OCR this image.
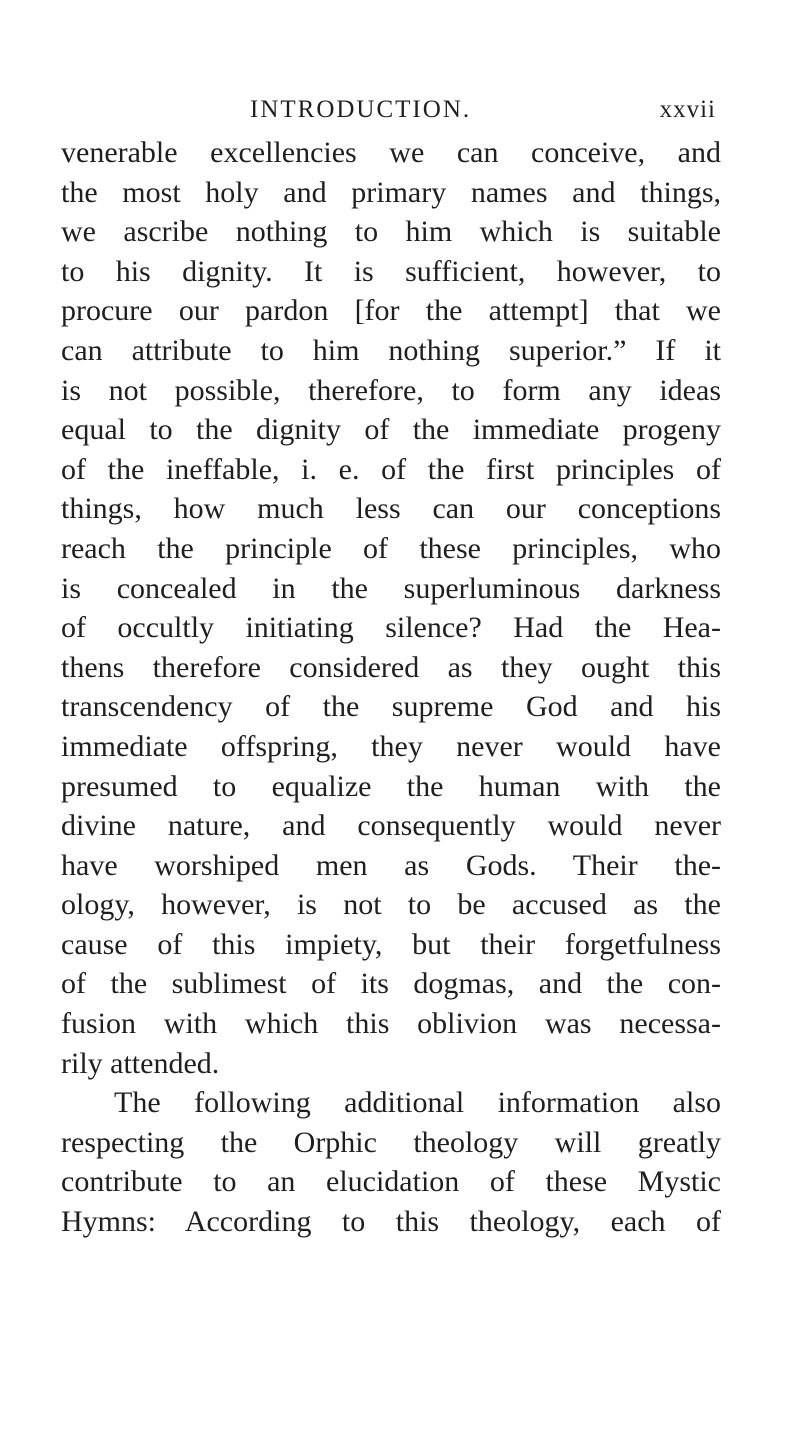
INTRODUCTION.	xxvii
venerable excellencies we can conceive, and
the most holy and primary names and things,
we ascribe nothing to him which is suitable
to his dignity. It is sufficient, however, to
procure our pardon [for the attempt] that we
can attribute to him nothing superior.” If it
is not possible, therefore, to form any ideas
equal to the dignity of the immediate progeny
of the ineffable, i. e. of the first principles of
things, how much less can our conceptions
reach the principle of these principles, who
is concealed in the superluminous darkness
of occultly initiating silence? Had the Hea-
thens therefore considered as they ought this
transcendency of the supreme God and his
immediate offspring, they never would have
presumed to equalize the human with the
divine nature, and consequently would never
have worshiped men as Gods. Their the-
ology, however, is not to be accused as the
cause of this impiety, but their forgetfulness
of the sublimest of its dogmas, and the con-
fusion with which this oblivion was necessa-
rily attended.
The following additional information also
respecting the Orphic theology will greatly
contribute to an elucidation of these Mystic
Hymns: According to this theology, each of
